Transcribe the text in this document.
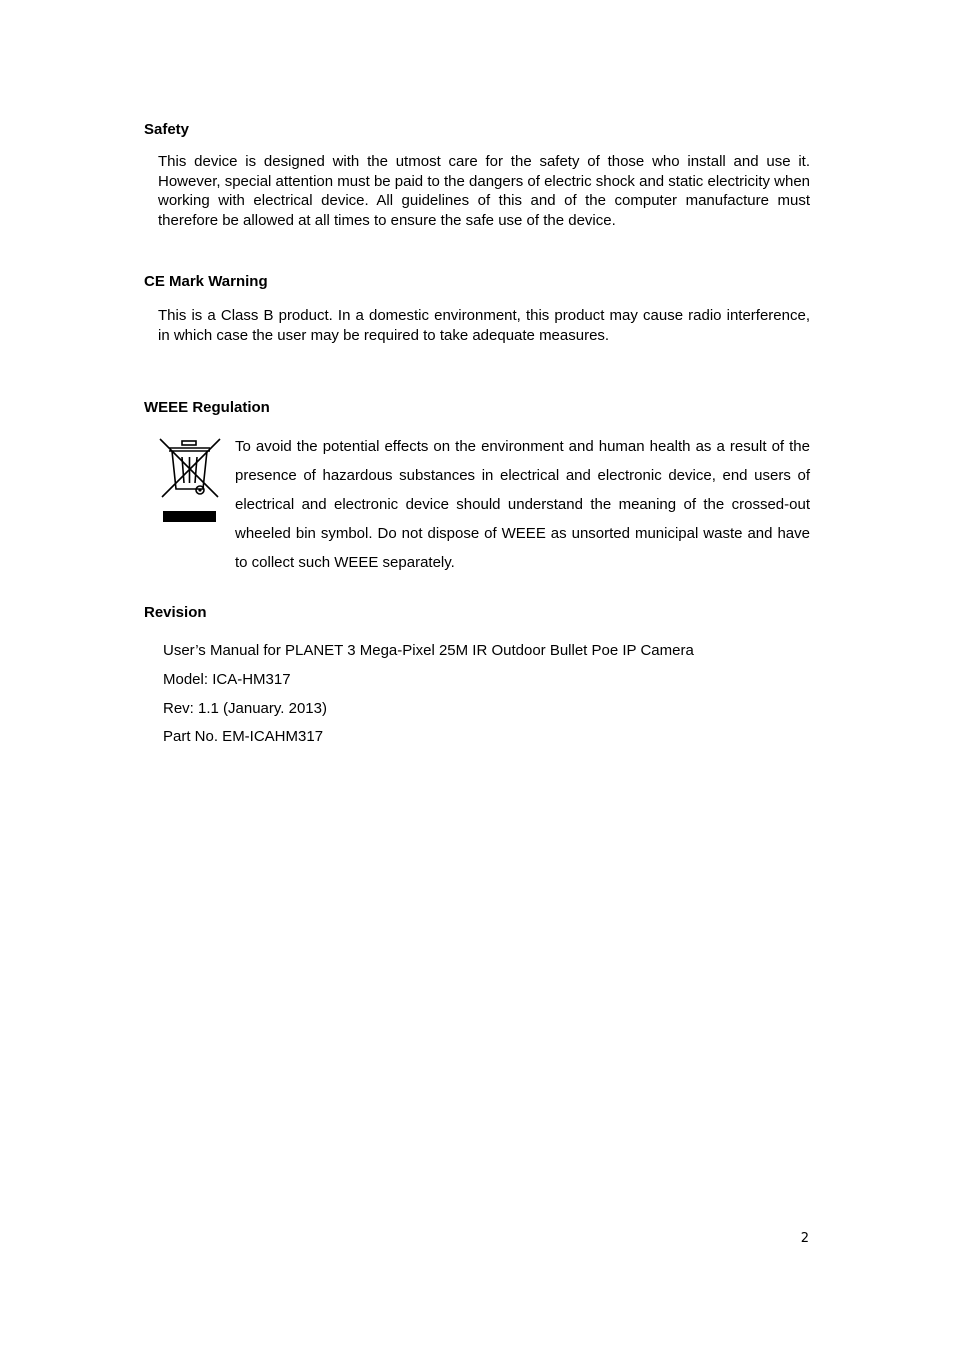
Safety

This device is designed with the utmost care for the safety of those who install and use it. However, special attention must be paid to the dangers of electric shock and static electricity when working with electrical device. All guidelines of this and of the computer manufacture must therefore be allowed at all times to ensure the safe use of the device.

CE Mark Warning

This is a Class B product. In a domestic environment, this product may cause radio interference, in which case the user may be required to take adequate measures.

WEEE Regulation

To avoid the potential effects on the environment and human health as a result of the presence of hazardous substances in electrical and electronic device, end users of electrical and electronic device should understand the meaning of the crossed-out wheeled bin symbol. Do not dispose of WEEE as unsorted municipal waste and have to collect such WEEE separately.

Revision

User’s Manual for PLANET 3 Mega-Pixel 25M IR Outdoor Bullet Poe IP Camera

Model: ICA-HM317

Rev: 1.1 (January. 2013)

Part No. EM-ICAHM317

2
